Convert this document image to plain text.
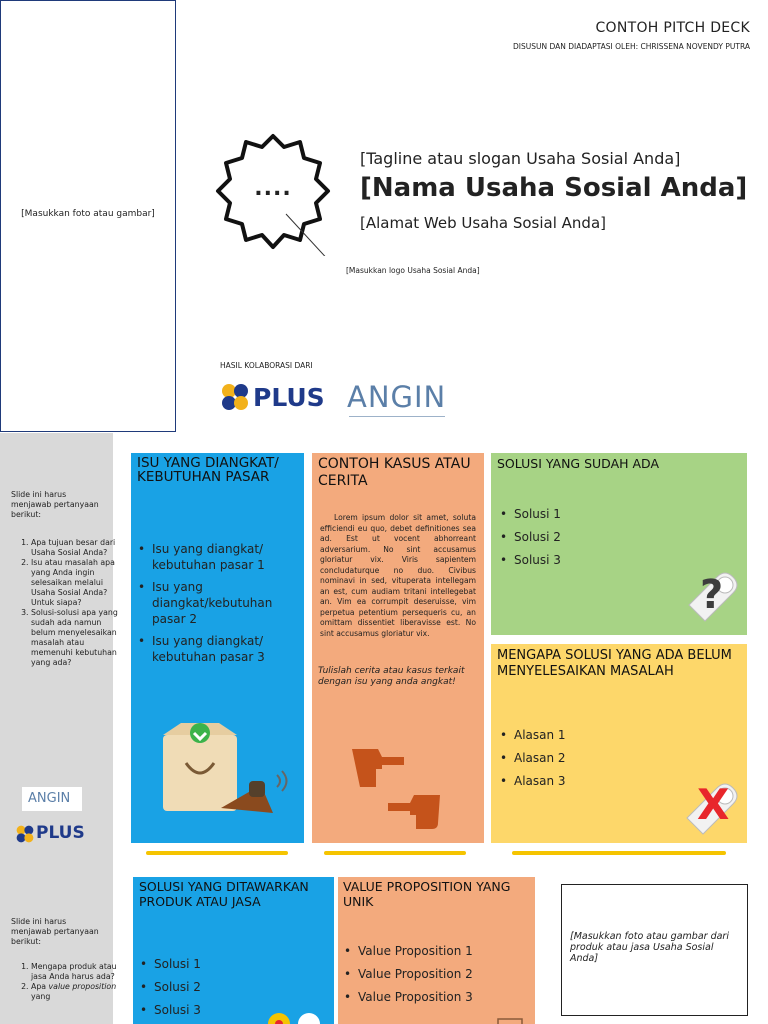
[Masukkan foto atau gambar]
CONTOH PITCH DECK
DISUSUN DAN DIADAPTASI OLEH: CHRISSENA NOVENDY PUTRA
....
[Tagline atau slogan Usaha Sosial Anda]
[Nama Usaha Sosial Anda]
[Alamat Web Usaha Sosial Anda]
[Masukkan logo Usaha Sosial Anda]
HASIL KOLABORASI DARI
PLUS ANGIN
Slide ini harus menjawab pertanyaan berikut:
1. Apa tujuan besar dari Usaha Sosial Anda?
2. Isu atau masalah apa yang Anda ingin selesaikan melalui Usaha Sosial Anda? Untuk siapa?
3. Solusi-solusi apa yang sudah ada namun belum menyelesaikan masalah atau memenuhi kebutuhan yang ada?
ANGIN
PLUS
ISU YANG DIANGKAT/ KEBUTUHAN PASAR
• Isu yang diangkat/ kebutuhan pasar 1
• Isu yang diangkat/kebutuhan pasar 2
• Isu yang diangkat/ kebutuhan pasar 3
CONTOH KASUS ATAU CERITA
Lorem ipsum dolor sit amet, soluta efficiendi eu quo, debet definitiones sea ad. Est ut vocent abhorreant adversarium. No sint accusamus gloriatur vix. Viris sapientem concludaturque no duo. Civibus nominavi in sed, vituperata intellegam an est, cum audiam tritani intellegebat an. Vim ea corrumpit deseruisse, vim perpetua petentium persequeris cu, an omittam dissentiet liberavisse est. No sint accusamus gloriatur vix.
Tulislah cerita atau kasus terkait dengan isu yang anda angkat!
SOLUSI YANG SUDAH ADA
• Solusi 1
• Solusi 2
• Solusi 3
?
MENGAPA SOLUSI YANG ADA BELUM MENYELESAIKAN MASALAH
• Alasan 1
• Alasan 2
• Alasan 3	X
Slide ini harus menjawab pertanyaan berikut:
1. Mengapa produk atau jasa Anda harus ada?
2. Apa value proposition yang
SOLUSI YANG DITAWARKAN PRODUK ATAU JASA
• Solusi 1
• Solusi 2
• Solusi 3
VALUE PROPOSITION YANG UNIK
• Value Proposition 1
• Value Proposition 2
• Value Proposition 3
[Masukkan foto atau gambar dari produk atau jasa Usaha Sosial Anda]
